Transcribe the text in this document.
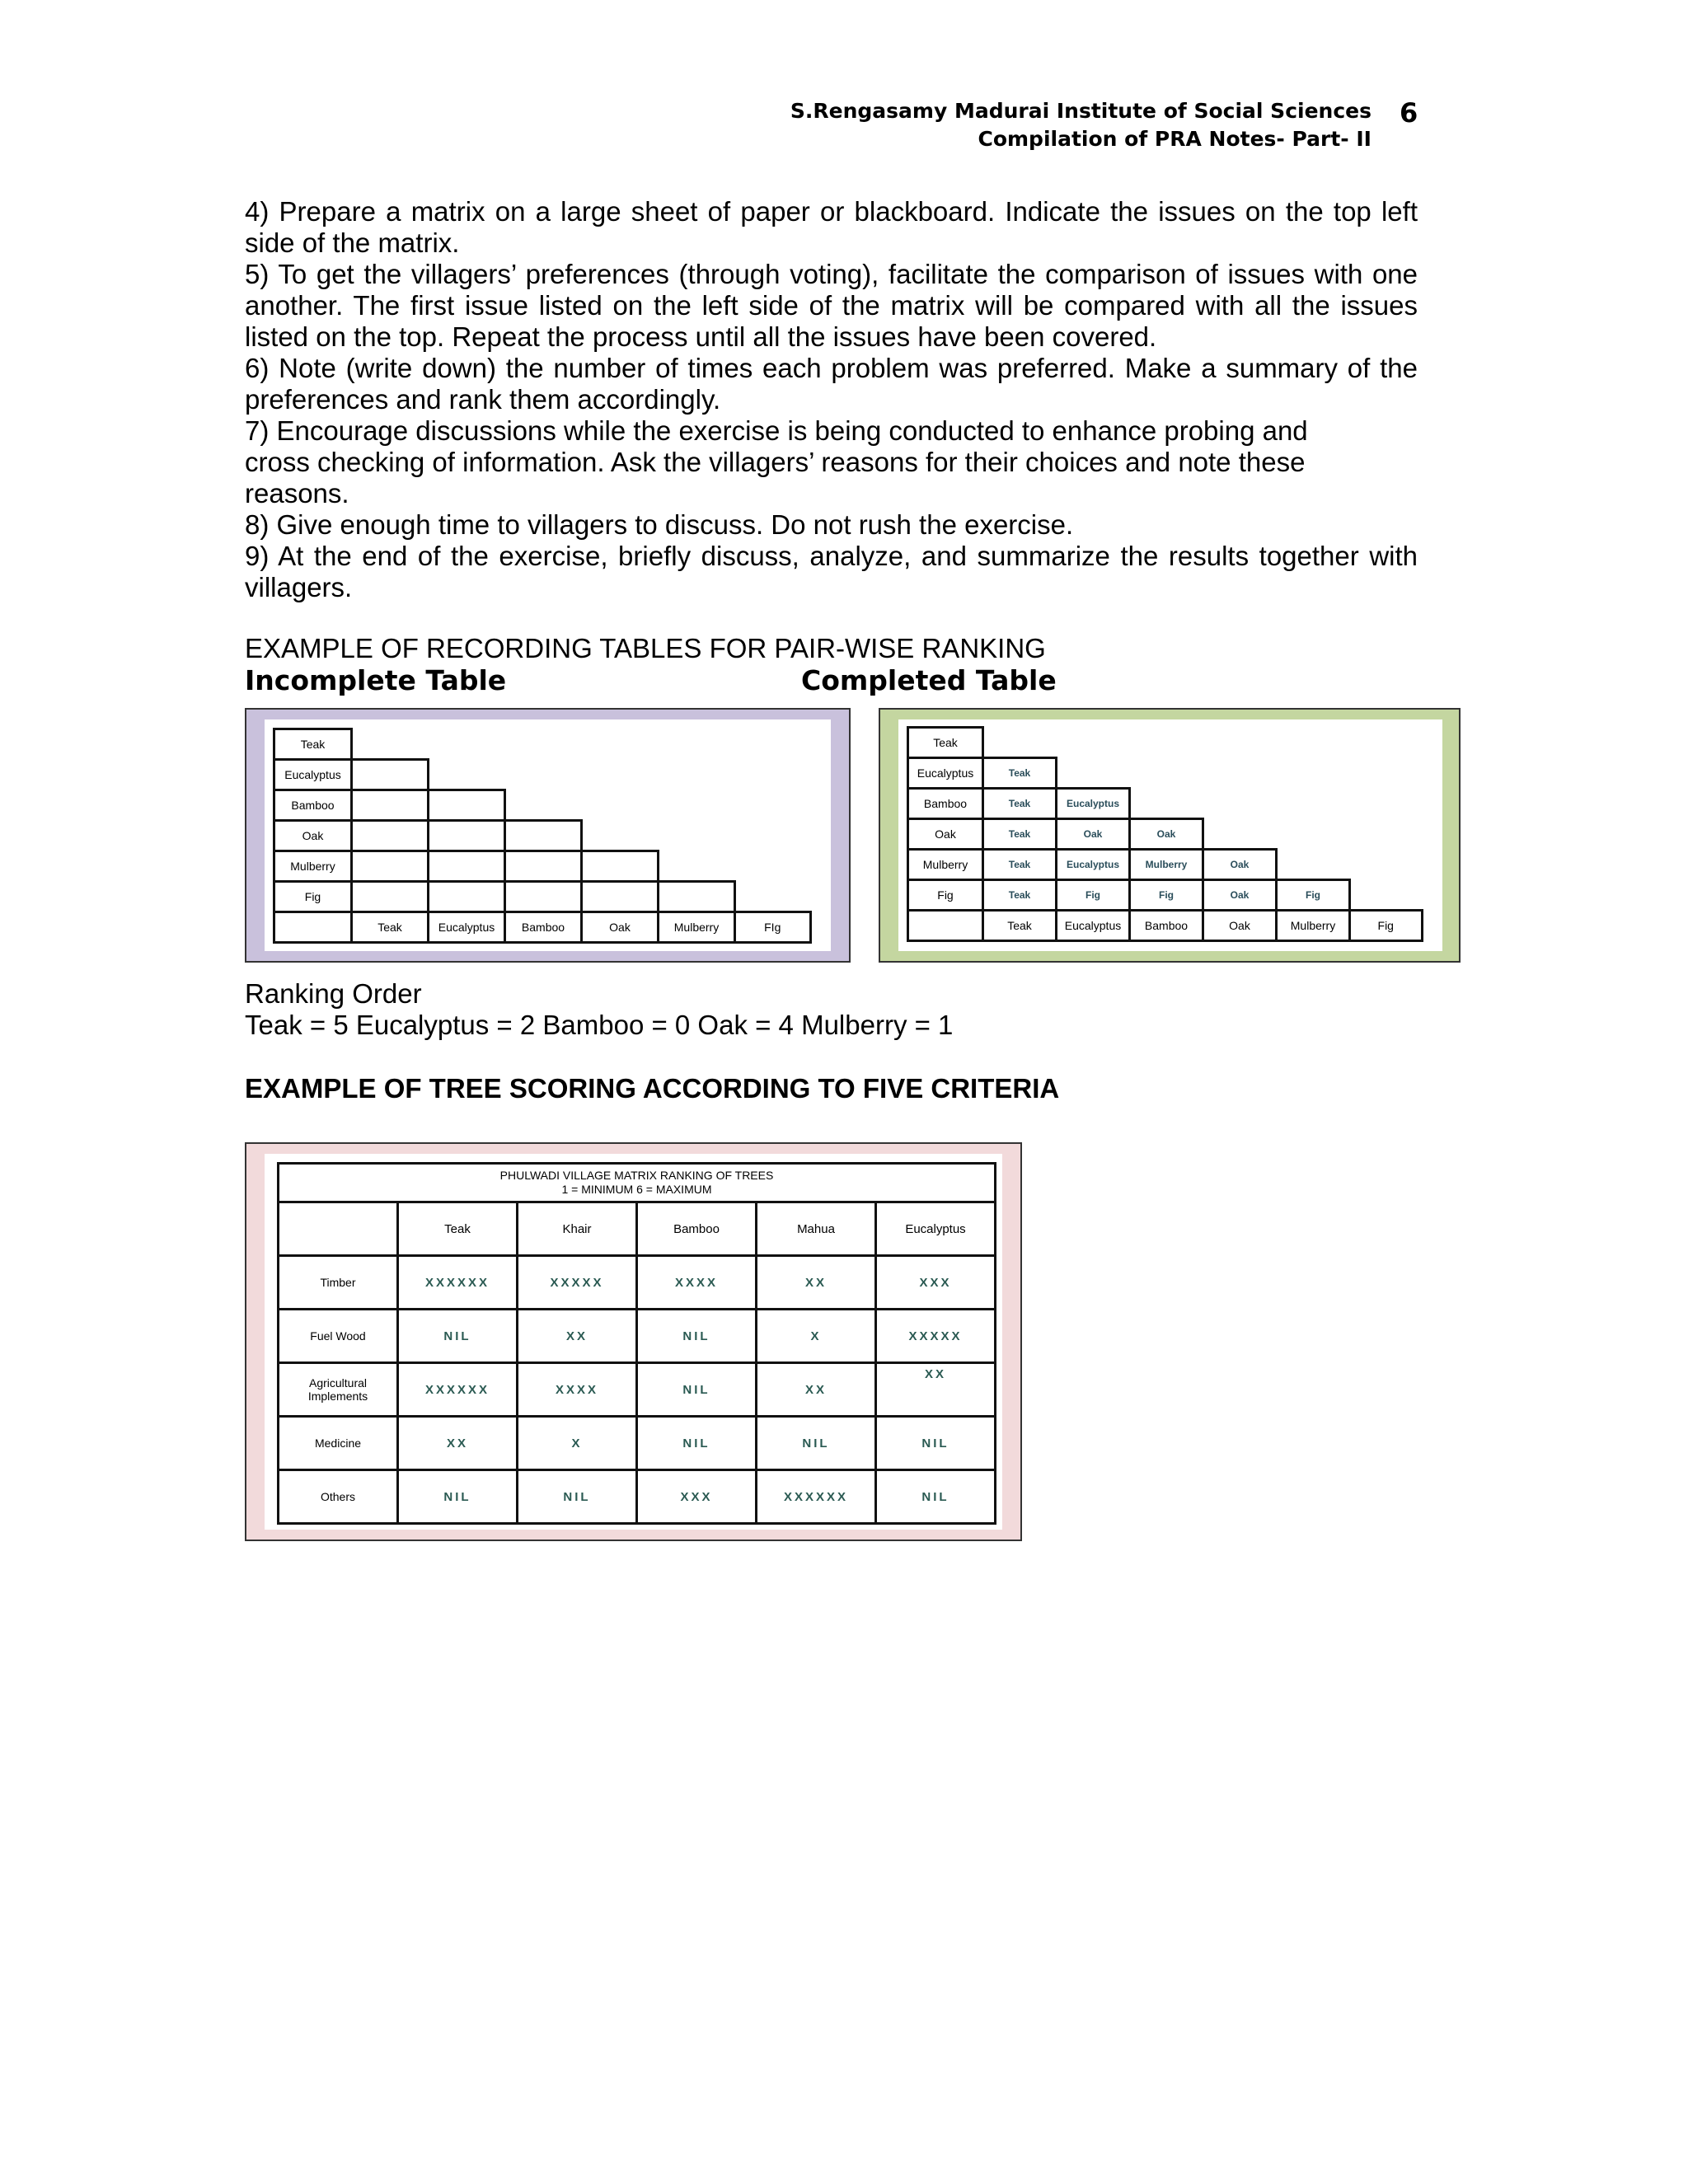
S.Rengasamy Madurai Institute of Social Sciences
Compilation of PRA Notes- Part- II
6

4) Prepare a matrix on a large sheet of paper or blackboard. Indicate the issues on the top left side of the matrix.

5) To get the villagers’ preferences (through voting), facilitate the comparison of issues with one another. The first issue listed on the left side of the matrix will be compared with all the issues listed on the top. Repeat the process until all the issues have been covered.

6) Note (write down) the number of times each problem was preferred. Make a summary of the preferences and rank them accordingly.

7) Encourage discussions while the exercise is being conducted to enhance probing and

cross checking of information. Ask the villagers’ reasons for their choices and note these

reasons.

8) Give enough time to villagers to discuss. Do not rush the exercise.

9) At the end of the exercise, briefly discuss, analyze, and summarize the results together with villagers.

EXAMPLE OF RECORDING TABLES FOR PAIR-WISE RANKING
Incomplete Table	Completed Table
Teak						
Eucalyptus						
Bamboo						
Oak						
Mulberry						
Fig						
	Teak	Eucalyptus	Bamboo	Oak	Mulberry	FIg
Teak						
Eucalyptus	Teak					
Bamboo	Teak	Eucalyptus				
Oak	Teak	Oak	Oak			
Mulberry	Teak	Eucalyptus	Mulberry	Oak		
Fig	Teak	Fig	Fig	Oak	Fig	
	Teak	Eucalyptus	Bamboo	Oak	Mulberry	Fig
Ranking Order
Teak = 5 Eucalyptus = 2 Bamboo = 0 Oak = 4 Mulberry = 1
EXAMPLE OF TREE SCORING ACCORDING TO FIVE CRITERIA
PHULWADI VILLAGE MATRIX RANKING OF TREES
1 = MINIMUM 6 = MAXIMUM					

	Teak	Khair	Bamboo	Mahua	Eucalyptus
Timber	XXXXXX	XXXXX	XXXX	XX	XXX
Fuel Wood	NIL	XX	NIL	X	XXXXX
Agricultural Implements	XXXXXX	XXXX	NIL	XX	XX
Medicine	XX	X	NIL	NIL	NIL
Others	NIL	NIL	XXX	XXXXXX	NIL
